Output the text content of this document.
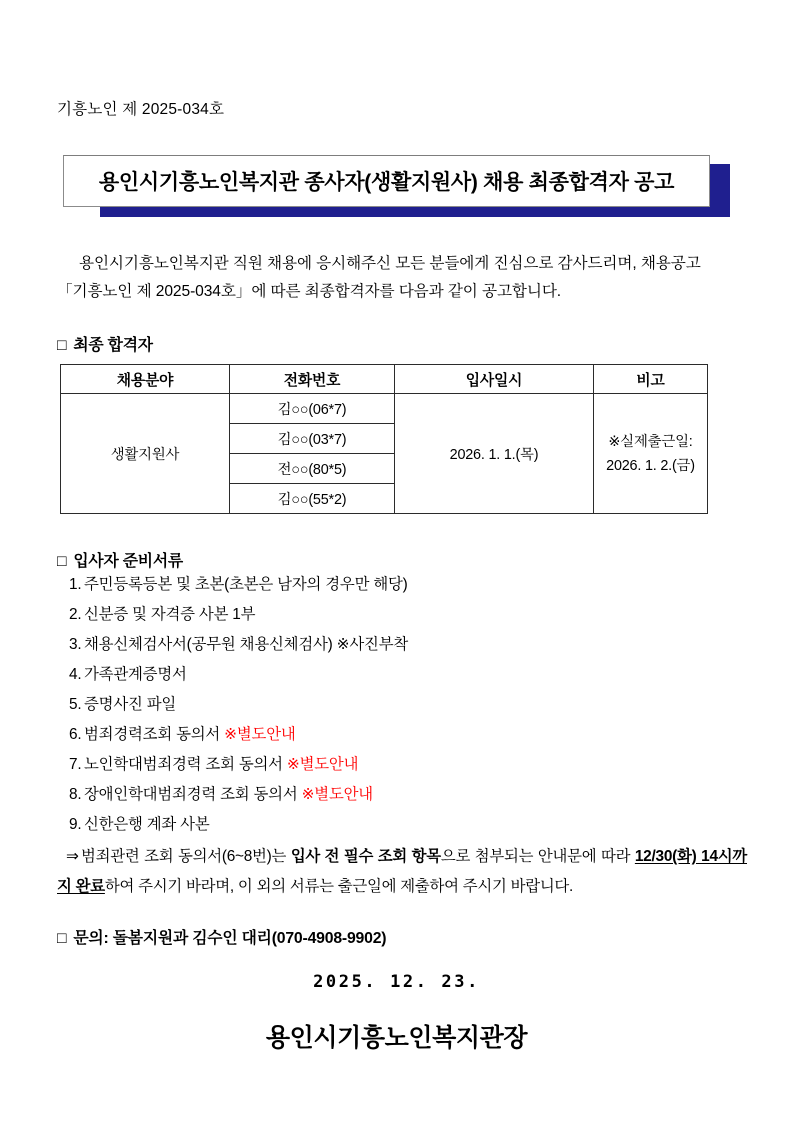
기흥노인 제 2025-034호
용인시기흥노인복지관 종사자(생활지원사) 채용 최종합격자 공고
용인시기흥노인복지관 직원 채용에 응시해주신 모든 분들에게 진심으로 감사드리며, 채용공고
「기흥노인 제 2025-034호」에 따른 최종합격자를 다음과 같이 공고합니다.
□ 최종 합격자
채용분야	전화번호	입사일시	비고
생활지원사	김○○(06*7)	2026. 1. 1.(목)	※실제출근일:
2026. 1. 2.(금)

	김○○(03*7)		
	전○○(80*5)		
	김○○(55*2)		
□ 입사자 준비서류
1. 주민등록등본 및 초본(초본은 남자의 경우만 해당)
2. 신분증 및 자격증 사본 1부
3. 채용신체검사서(공무원 채용신체검사) ※사진부착
4. 가족관계증명서
5. 증명사진 파일
6. 범죄경력조회 동의서 ※별도안내
7. 노인학대범죄경력 조회 동의서 ※별도안내
8. 장애인학대범죄경력 조회 동의서 ※별도안내
9. 신한은행 계좌 사본
⇒ 범죄관련 조회 동의서(6~8번)는 입사 전 필수 조회 항목으로 첨부되는 안내문에 따라 12/30(화) 14시까지 완료하여 주시기 바라며, 이 외의 서류는 출근일에 제출하여 주시기 바랍니다.
□ 문의: 돌봄지원과 김수인 대리(070-4908-9902)
2025. 12. 23.
용인시기흥노인복지관장
